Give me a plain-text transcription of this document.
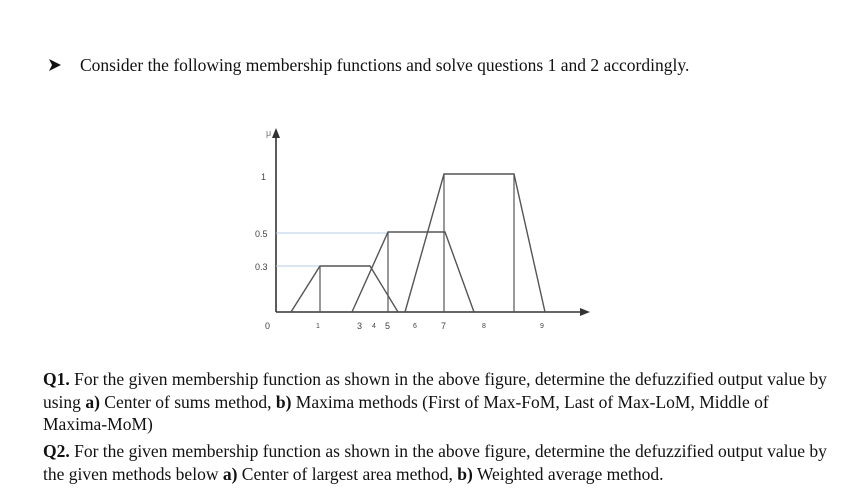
Consider the following membership functions and solve questions 1 and 2 accordingly.
μ
1
0.5
0.3
0	1	3 4 5	6	7	8	9
Q1. For the given membership function as shown in the above figure, determine the defuzzified output value by using a) Center of sums method, b) Maxima methods (First of Max-FoM, Last of Max-LoM, Middle of Maxima-MoM)
Q2. For the given membership function as shown in the above figure, determine the defuzzified output value by the given methods below a) Center of largest area method, b) Weighted average method.
